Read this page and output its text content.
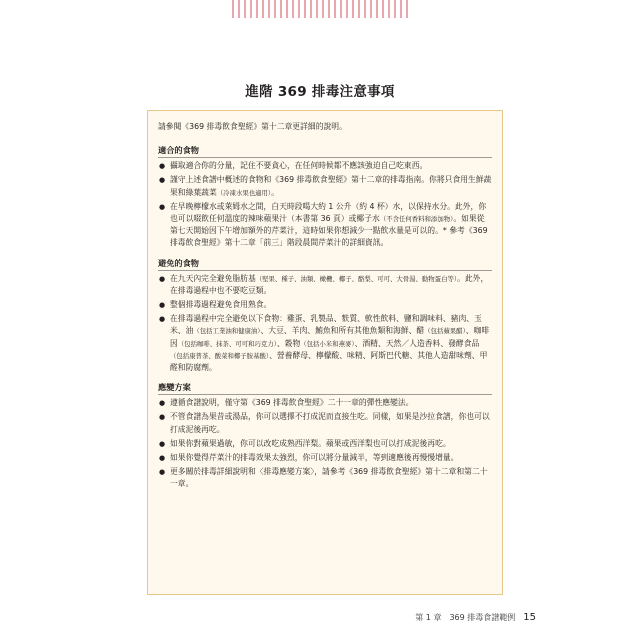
進階 369 排毒注意事項
請參閱《369 排毒飲食聖經》第十二章更詳細的說明。
適合的食物
● 攝取適合你的分量，記住不要貪心，在任何時候都不應該強迫自己吃東西。
● 謹守上述食譜中概述的食物和《369 排毒飲食聖經》第十二章的排毒指南。你將只食用生鮮蔬果和綠葉蔬菜（冷凍水果也適用）。
● 在早晚檸檬水或萊姆水之間，白天時段喝大約 1 公升（約 4 杯）水，以保持水分。此外，你也可以啜飲任何溫度的辣味蘋果汁（本書第 36 頁）或椰子水（不含任何香料和添加物）。如果從第七天開始因下午增加額外的芹菜汁，這時如果你想減少一點飲水量是可以的。* 參考《369 排毒飲食聖經》第十二章「前三」階段晨間芹菜汁的詳細資訊。
避免的食物
● 在九天內完全避免脂肪基（堅果、種子、油類、橄欖、椰子、酪梨、可可、大骨湯、動物蛋白等）。此外，在排毒過程中也不要吃豆類。
● 整個排毒過程避免食用熟食。
● 在排毒過程中完全避免以下食物：雞蛋、乳製品、麩質、軟性飲料、鹽和調味料、豬肉、玉米、油（包括工業油和健康油）、大豆、羊肉、鮪魚和所有其他魚類和海鮮、醋（包括蘋果醋）、咖啡因（包括咖啡、抹茶、可可和巧克力）、穀物（包括小米和燕麥）、酒精、天然／人造香料、發酵食品（包括康普茶、酸菜和椰子胺基酸）、營養酵母、檸檬酸、味精、阿斯巴代糖、其他人造甜味劑、甲醛和防腐劑。
應變方案
● 遵循食譜說明，僅守第《369 排毒飲食聖經》二十一章的彈性應變法。
● 不管食譜為果昔或湯品，你可以選擇不打成泥而直接生吃。同樣，如果是沙拉食譜，你也可以打成泥後再吃。
● 如果你對蘋果過敏，你可以改吃成熟西洋梨。蘋果或西洋梨也可以打成泥後再吃。
● 如果你覺得芹菜汁的排毒效果太強烈，你可以將分量減半，等到適應後再慢慢增量。
● 更多關於排毒詳細說明和〈排毒應變方案〉，請參考《369 排毒飲食聖經》第十二章和第二十一章。
第 1 章 369 排毒食譜範例 15
